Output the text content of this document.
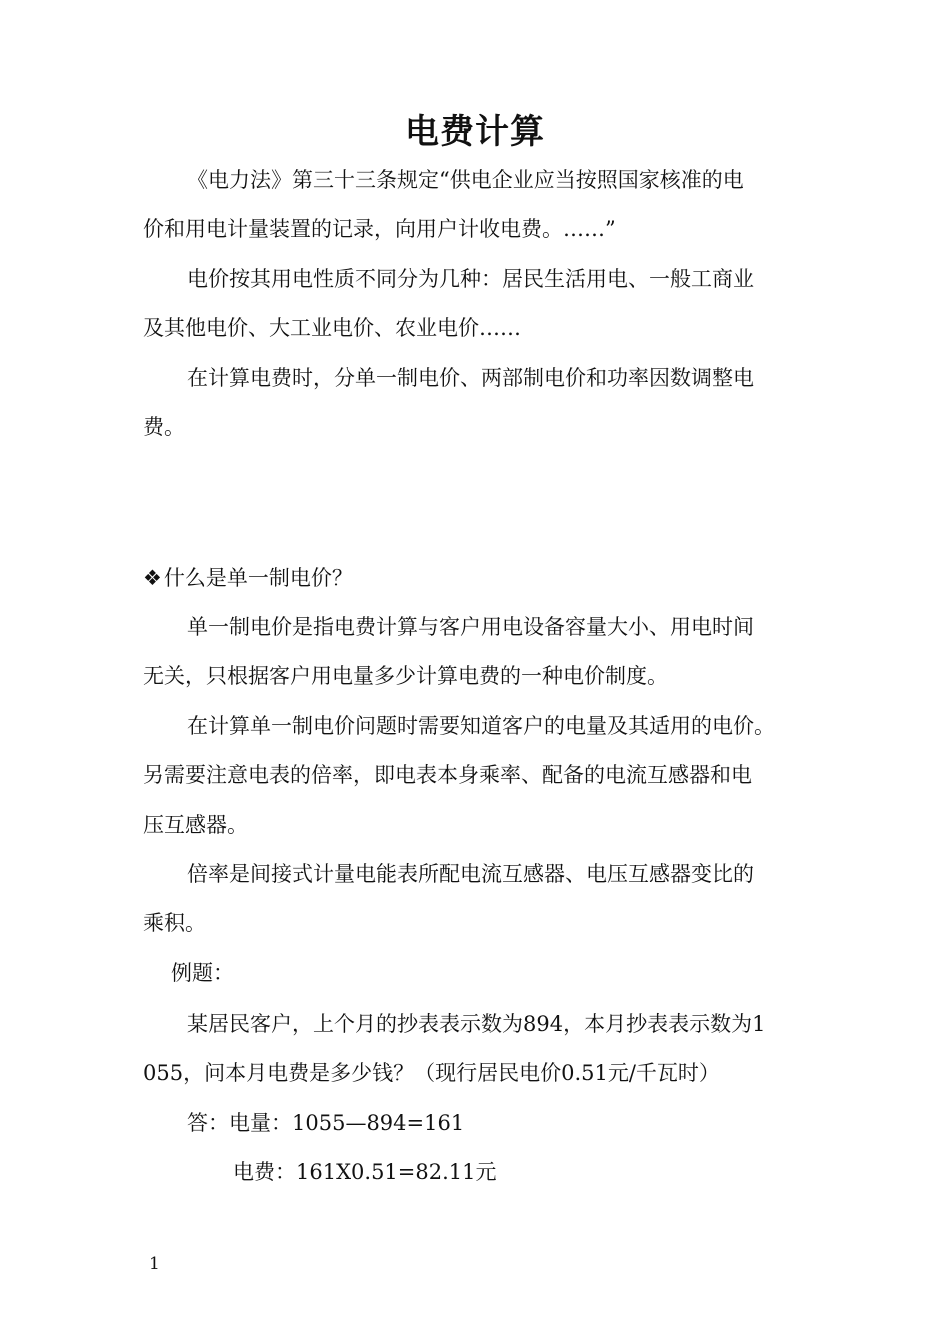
电费计算
《电力法》第三十三条规定“供电企业应当按照国家核准的电
价和用电计量装置的记录，向用户计收电费。……”
电价按其用电性质不同分为几种：居民生活用电、一般工商业
及其他电价、大工业电价、农业电价……
在计算电费时，分单一制电价、两部制电价和功率因数调整电
费。
❖什么是单一制电价？
单一制电价是指电费计算与客户用电设备容量大小、用电时间
无关，只根据客户用电量多少计算电费的一种电价制度。
在计算单一制电价问题时需要知道客户的电量及其适用的电价。
另需要注意电表的倍率，即电表本身乘率、配备的电流互感器和电
压互感器。
倍率是间接式计量电能表所配电流互感器、电压互感器变比的
乘积。
例题：
某居民客户，上个月的抄表表示数为894，本月抄表表示数为1
055，问本月电费是多少钱？（现行居民电价0.51元/千瓦时）
答：电量：1055—894=161
电费：161X0.51=82.11元
1
